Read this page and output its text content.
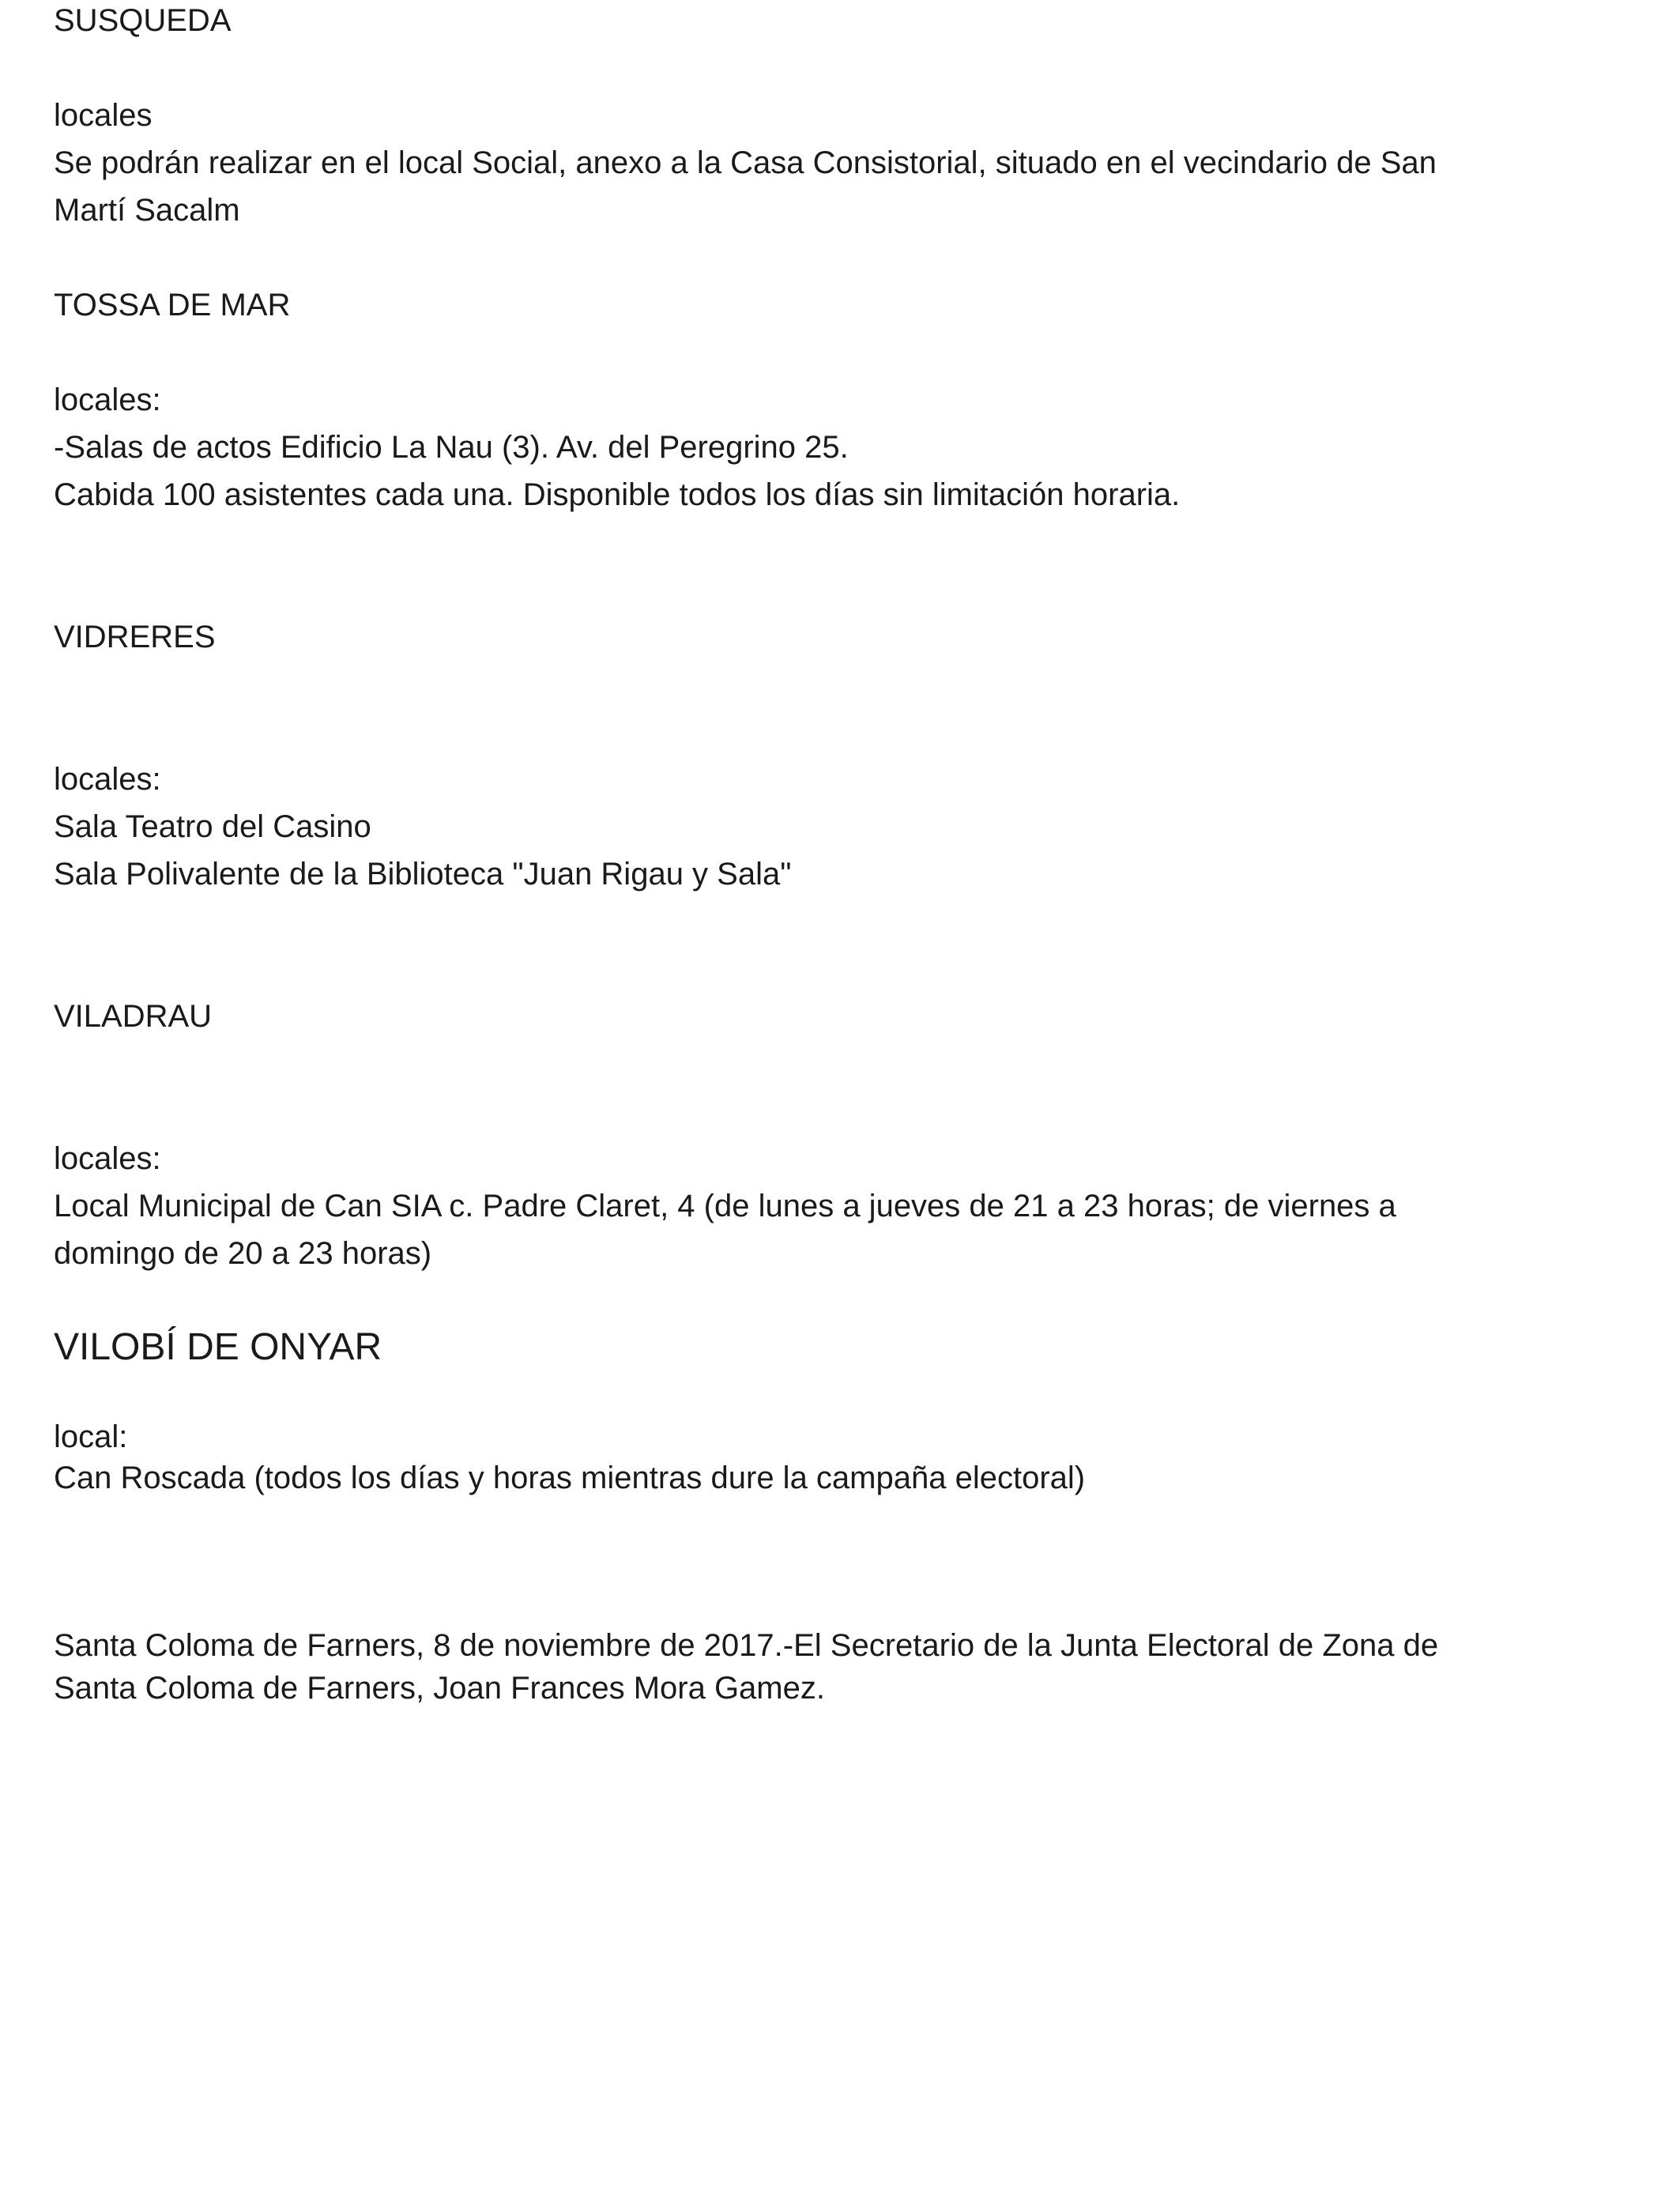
SUSQUEDA

locales

Se podrán realizar en el local Social, anexo a la Casa Consistorial, situado en el vecindario de San

Martí Sacalm

TOSSA DE MAR

locales:

-Salas de actos Edificio La Nau (3). Av. del Peregrino 25.

Cabida 100 asistentes cada una. Disponible todos los días sin limitación horaria.

VIDRERES

locales:

Sala Teatro del Casino

Sala Polivalente de la Biblioteca "Juan Rigau y Sala"

VILADRAU

locales:

Local Municipal de Can SIA c. Padre Claret, 4 (de lunes a jueves de 21 a 23 horas; de viernes a

domingo de 20 a 23 horas)

VILOBÍ DE ONYAR

local:

Can Roscada (todos los días y horas mientras dure la campaña electoral)

Santa Coloma de Farners, 8 de noviembre de 2017.-El Secretario de la Junta Electoral de Zona de

Santa Coloma de Farners, Joan Frances Mora Gamez.
